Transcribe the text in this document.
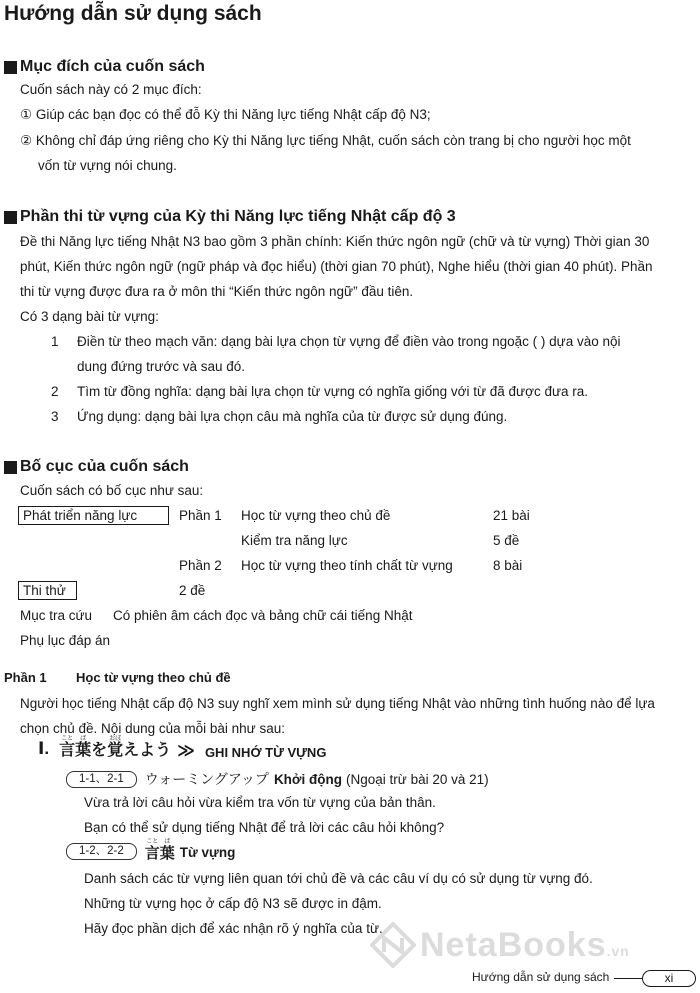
Hướng dẫn sử dụng sách
Mục đích của cuốn sách
Cuốn sách này có 2 mục đích:
① Giúp các bạn đọc có thể đỗ Kỳ thi Năng lực tiếng Nhật cấp độ N3;
② Không chỉ đáp ứng riêng cho Kỳ thi Năng lực tiếng Nhật, cuốn sách còn trang bị cho người học một
vốn từ vựng nói chung.
Phần thi từ vựng của Kỳ thi Năng lực tiếng Nhật cấp độ 3
Đề thi Năng lực tiếng Nhật N3 bao gồm 3 phần chính: Kiến thức ngôn ngữ (chữ và từ vựng) Thời gian 30
phút, Kiến thức ngôn ngữ (ngữ pháp và đọc hiểu) (thời gian 70 phút), Nghe hiểu (thời gian 40 phút). Phần
thi từ vựng được đưa ra ở môn thi “Kiến thức ngôn ngữ” đầu tiên.
Có 3 dạng bài từ vựng:
1 Điền từ theo mạch văn: dạng bài lựa chọn từ vựng để điền vào trong ngoặc ( ) dựa vào nội
dung đứng trước và sau đó.
2 Tìm từ đồng nghĩa: dạng bài lựa chọn từ vựng có nghĩa giống với từ đã được đưa ra.
3 Ứng dụng: dạng bài lựa chọn câu mà nghĩa của từ được sử dụng đúng.
Bố cục của cuốn sách
Cuốn sách có bố cục như sau:
Phát triển năng lực	Phần 1 Học từ vựng theo chủ đề	21 bài
Kiểm tra năng lực	5 đề
Phần 2 Học từ vựng theo tính chất từ vựng	8 bài
Thi thử	2 đề
Mục tra cứu Có phiên âm cách đọc và bảng chữ cái tiếng Nhật
Phụ lục đáp án
Phần 1 Học từ vựng theo chủ đề
Người học tiếng Nhật cấp độ N3 suy nghĩ xem mình sử dụng tiếng Nhật vào những tình huống nào để lựa
chọn chủ đề. Nội dung của mỗi bài như sau:
Ⅰ. こと
言
ば
葉 を
おぼ
覚 えよう ≫ GHI NHỚ TỪ VỰNG
1-1、2-1	ウォーミングアップ Khởi động (Ngoại trừ bài 20 và 21)
Vừa trả lời câu hỏi vừa kiểm tra vốn từ vựng của bản thân.
Bạn có thể sử dụng tiếng Nhật để trả lời các câu hỏi không?
1-2、2-2
こと
言
ば
葉 Từ vựng
Danh sách các từ vựng liên quan tới chủ đề và các câu ví dụ có sử dụng từ vựng đó.
Những từ vựng học ở cấp độ N3 sẽ được in đậm.
Hãy đọc phần dịch để xác nhận rõ ý nghĩa của từ. NetaBooks.vn
Hướng dẫn sử dụng sách	xi
